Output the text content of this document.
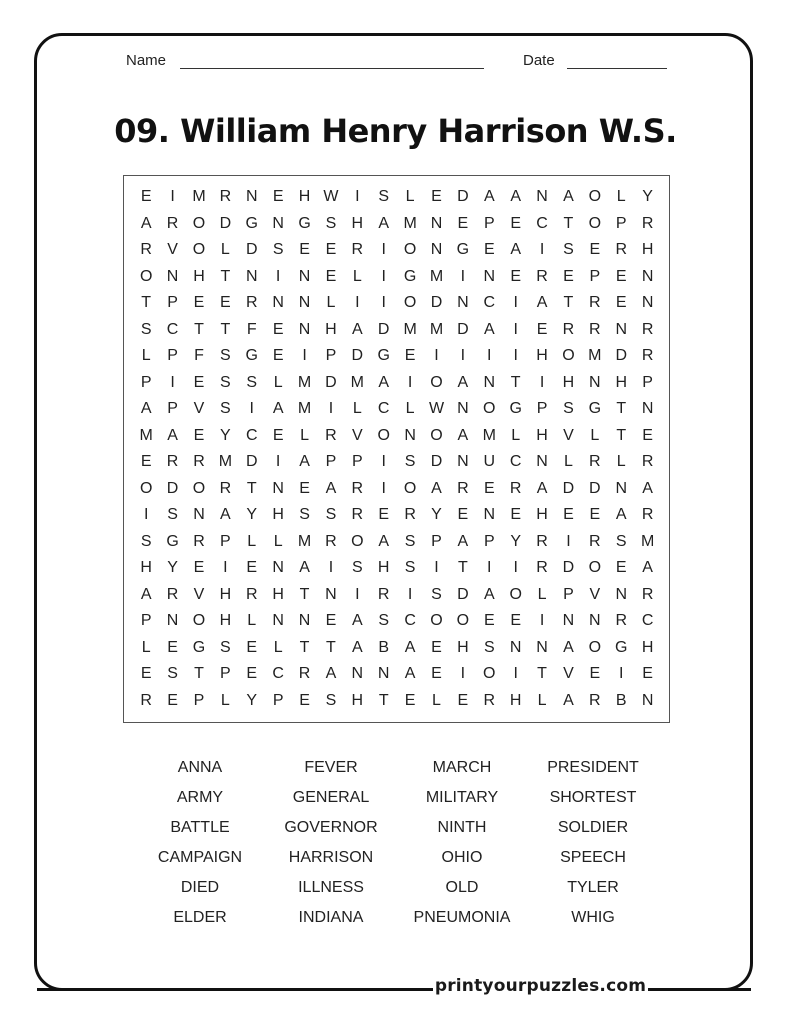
Name	Date
09. William Henry Harrison W.S.
E	I	M R N E H W	I	S	L	E D A A N A O L	Y
A R O D G N G S H A M N E P E C T O P R
R V O L	D S E E R	I	O N G E A	I	S E R H
O N H T N	I	N E	L	I	G M	I	N E R E P E N
T	P E E R N N	L	I	I	O D N C	I	A	T R E N
S C T	T	F	E N H A D M M D A	I	E R R N R
L	P	F	S G E	I	P D G E	I	I	I	I	H O M D R
P	I	E S S	L M D M A	I	O A N T	I	H N H P
A P V S	I	A M	I	L	C	L W N O G P S G T N
M A E Y C E	L	R V O N O A M L	H V	L	T	E
E R R M D	I	A P P	I	S D N U C N	L	R	L	R
O D O R T N E A R	I	O A R E R A D D N A
I	S N A Y H S S R E R Y E N E H E E A R
S G R P	L	L M R O A S P A P Y R	I	R S M
H Y E	I	E N A	I	S H S	I	T	I	I	R D O E A
A R V H R H T N	I	R	I	S D A O L	P V N R
P N O H	L	N N E A S C O O E E	I	N N R C
L	E G S E	L	T	T	A B A E H S N N A O G H
E S	T	P E C R A N N A E	I	O	I	T	V E	I	E
R E P	L	Y P E S H T	E	L	E R H	L	A R B N
ANNA	FEVER	MARCH	PRESIDENT
ARMY	GENERAL	MILITARY	SHORTEST
BATTLE	GOVERNOR	NINTH	SOLDIER
CAMPAIGN	HARRISON	OHIO	SPEECH
DIED	ILLNESS	OLD	TYLER
ELDER	INDIANA	PNEUMONIA	WHIG
printyourpuzzles.com
